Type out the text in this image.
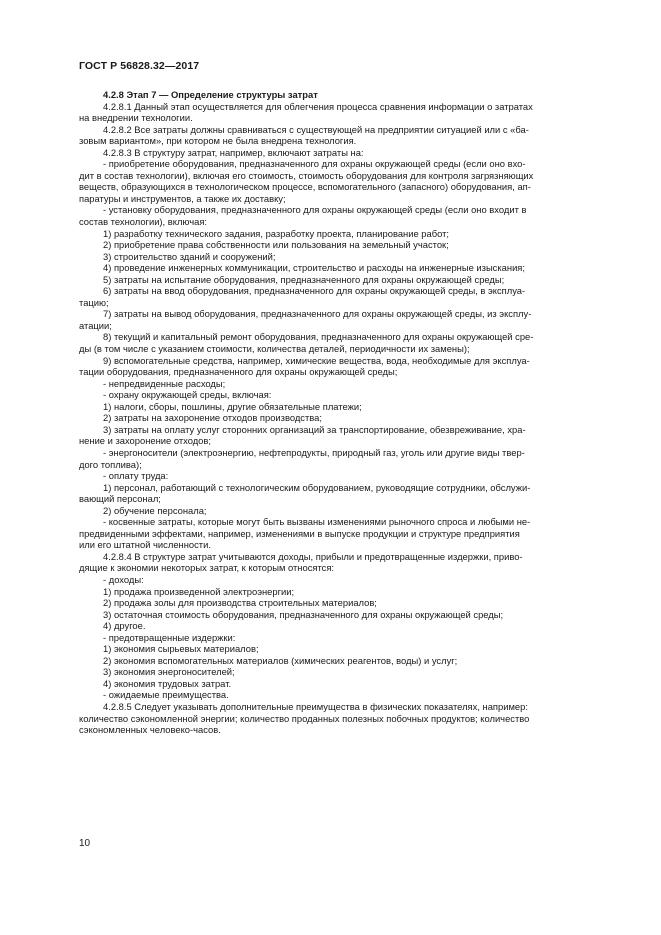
ГОСТ Р 56828.32—2017
4.2.8 Этап 7 — Определение структуры затрат
4.2.8.1 Данный этап осуществляется для облегчения процесса сравнения информации о затратах
на внедрении технологии.
4.2.8.2 Все затраты должны сравниваться с существующей на предприятии ситуацией или с «ба-
зовым вариантом», при котором не была внедрена технология.
4.2.8.3 В структуру затрат, например, включают затраты на:
- приобретение оборудования, предназначенного для охраны окружающей среды (если оно вхо-
дит в состав технологии), включая его стоимость, стоимость оборудования для контроля загрязняющих
веществ, образующихся в технологическом процессе, вспомогательного (запасного) оборудования, ап-
паратуры и инструментов, а также их доставку;
- установку оборудования, предназначенного для охраны окружающей среды (если оно входит в
состав технологии), включая:
1) разработку технического задания, разработку проекта, планирование работ;
2) приобретение права собственности или пользования на земельный участок;
3) строительство зданий и сооружений;
4) проведение инженерных коммуникации, строительство и расходы на инженерные изыскания;
5) затраты на испытание оборудования, предназначенного для охраны окружающей среды;
6) затраты на ввод оборудования, предназначенного для охраны окружающей среды, в эксплуа-
тацию;
7) затраты на вывод оборудования, предназначенного для охраны окружающей среды, из эксплу-
атации;
8) текущий и капитальный ремонт оборудования, предназначенного для охраны окружающей сре-
ды (в том числе с указанием стоимости, количества деталей, периодичности их замены);
9) вспомогательные средства, например, химические вещества, вода, необходимые для эксплуа-
тации оборудования, предназначенного для охраны окружающей среды;
- непредвиденные расходы;
- охрану окружающей среды, включая:
1) налоги, сборы, пошлины, другие обязательные платежи;
2) затраты на захоронение отходов производства;
3) затраты на оплату услуг сторонних организаций за транспортирование, обезвреживание, хра-
нение и захоронение отходов;
- энергоносители (электроэнергию, нефтепродукты, природный газ, уголь или другие виды твер-
дого топлива);
- оплату труда:
1) персонал, работающий с технологическим оборудованием, руководящие сотрудники, обслужи-
вающий персонал;
2) обучение персонала;
- косвенные затраты, которые могут быть вызваны изменениями рыночного спроса и любыми не-
предвиденными эффектами, например, изменениями в выпуске продукции и структуре предприятия
или его штатной численности.
4.2.8.4 В структуре затрат учитываются доходы, прибыли и предотвращенные издержки, приво-
дящие к экономии некоторых затрат, к которым относятся:
- доходы:
1) продажа произведенной электроэнергии;
2) продажа золы для производства строительных материалов;
3) остаточная стоимость оборудования, предназначенного для охраны окружающей среды;
4) другое.
- предотвращенные издержки:
1) экономия сырьевых материалов;
2) экономия вспомогательных материалов (химических реагентов, воды) и услуг;
3) экономия энергоносителей;
4) экономия трудовых затрат.
- ожидаемые преимущества.
4.2.8.5 Следует указывать дополнительные преимущества в физических показателях, например:
количество сэкономленной энергии; количество проданных полезных побочных продуктов; количество
сэкономленных человеко-часов.
10
